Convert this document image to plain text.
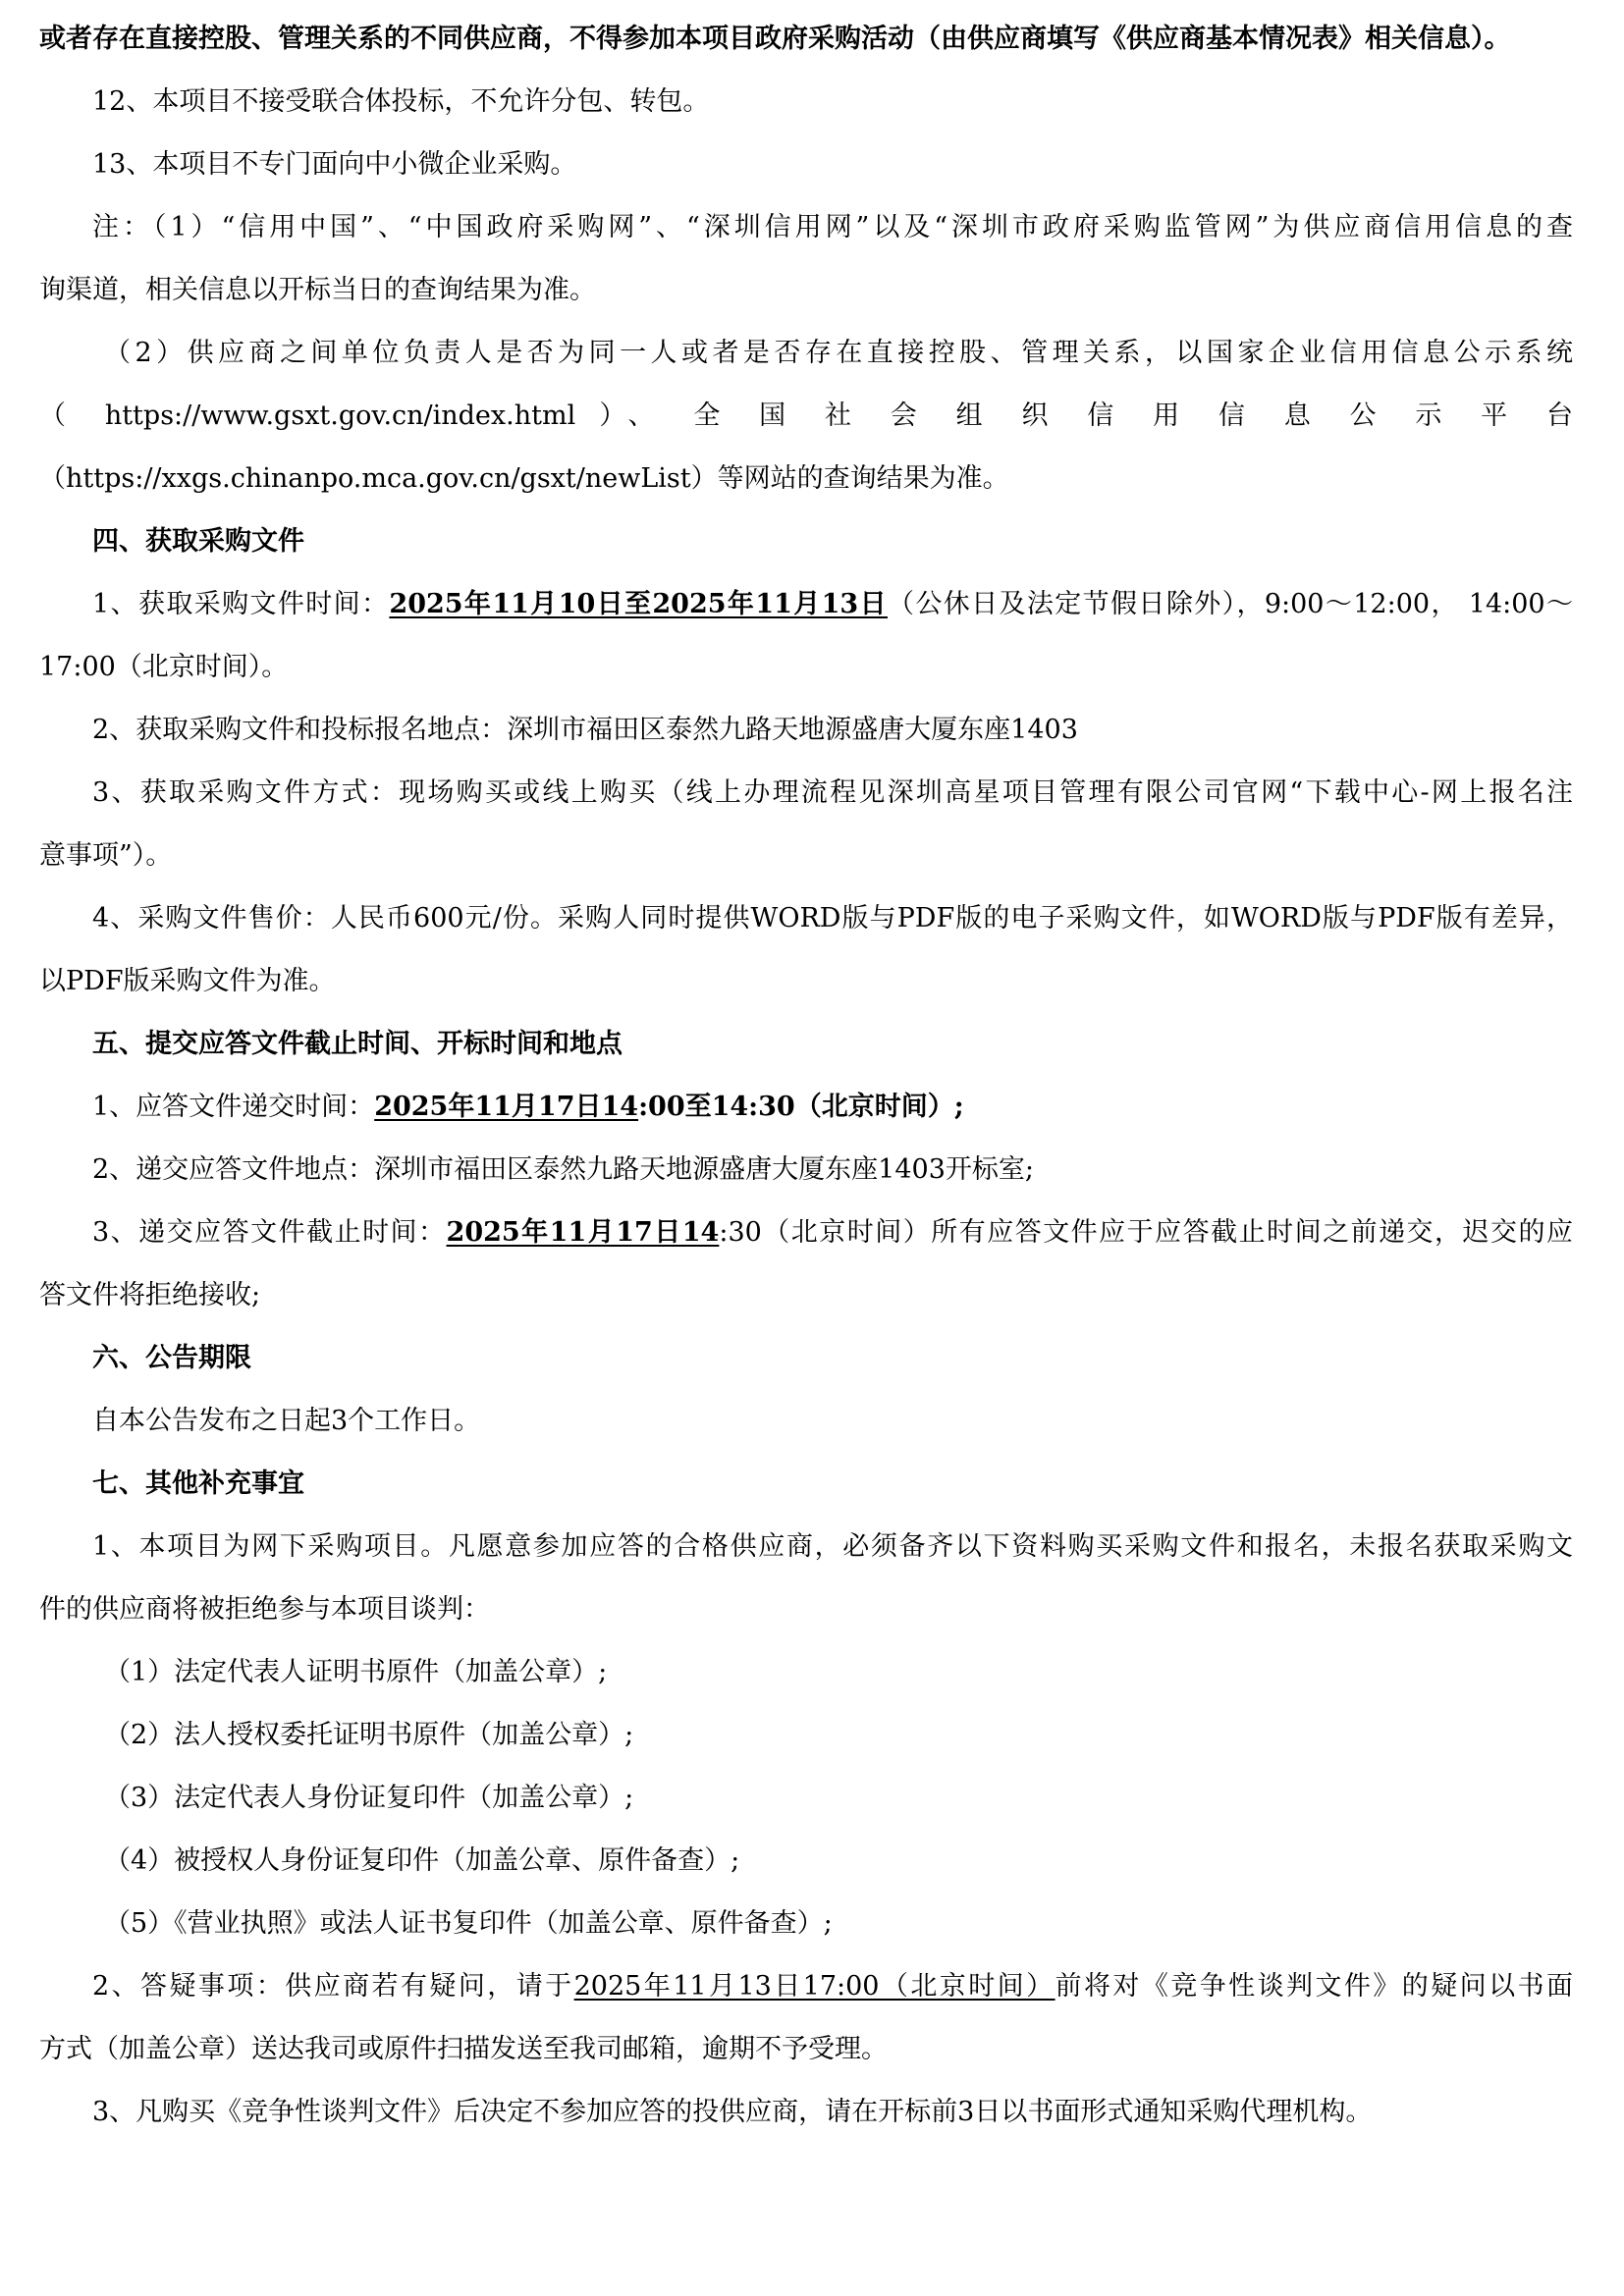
或者存在直接控股、管理关系的不同供应商，不得参加本项目政府采购活动（由供应商填写《供应商基本情况表》相关信息）。
12、本项目不接受联合体投标，不允许分包、转包。
13、本项目不专门面向中小微企业采购。
注：（1）“信用中国”、“中国政府采购网”、“深圳信用网”以及“深圳市政府采购监管网”为供应商信用信息的查
询渠道，相关信息以开标当日的查询结果为准。
（2）供应商之间单位负责人是否为同一人或者是否存在直接控股、管理关系，以国家企业信用信息公示系统
（ https://www.gsxt.gov.cn/index.html ）、 全 国 社 会 组 织 信 用 信 息 公 示 平 台
（https://xxgs.chinanpo.mca.gov.cn/gsxt/newList）等网站的查询结果为准。
四、获取采购文件
1、获取采购文件时间：2025年11月10日至2025年11月13日（公休日及法定节假日除外），9:00～12:00， 14:00～
17:00（北京时间）。
2、获取采购文件和投标报名地点：深圳市福田区泰然九路天地源盛唐大厦东座1403
3、获取采购文件方式：现场购买或线上购买（线上办理流程见深圳高星项目管理有限公司官网“下载中心-网上报名注
意事项”）。
4、采购文件售价：人民币600元/份。采购人同时提供WORD版与PDF版的电子采购文件，如WORD版与PDF版有差异，
以PDF版采购文件为准。
五、提交应答文件截止时间、开标时间和地点
1、应答文件递交时间：2025年11月17日14:00至14:30（北京时间）;
2、递交应答文件地点：深圳市福田区泰然九路天地源盛唐大厦东座1403开标室;
3、递交应答文件截止时间：2025年11月17日14:30（北京时间）所有应答文件应于应答截止时间之前递交，迟交的应
答文件将拒绝接收;
六、公告期限
自本公告发布之日起3个工作日。
七、其他补充事宜
1、本项目为网下采购项目。凡愿意参加应答的合格供应商，必须备齐以下资料购买采购文件和报名，未报名获取采购文
件的供应商将被拒绝参与本项目谈判：
（1）法定代表人证明书原件（加盖公章）;
（2）法人授权委托证明书原件（加盖公章）;
（3）法定代表人身份证复印件（加盖公章）;
（4）被授权人身份证复印件（加盖公章、原件备查）;
（5）《营业执照》或法人证书复印件（加盖公章、原件备查）;
2、答疑事项：供应商若有疑问，请于2025年11月13日17:00（北京时间）前将对《竞争性谈判文件》的疑问以书面
方式（加盖公章）送达我司或原件扫描发送至我司邮箱，逾期不予受理。
3、凡购买《竞争性谈判文件》后决定不参加应答的投供应商，请在开标前3日以书面形式通知采购代理机构。
